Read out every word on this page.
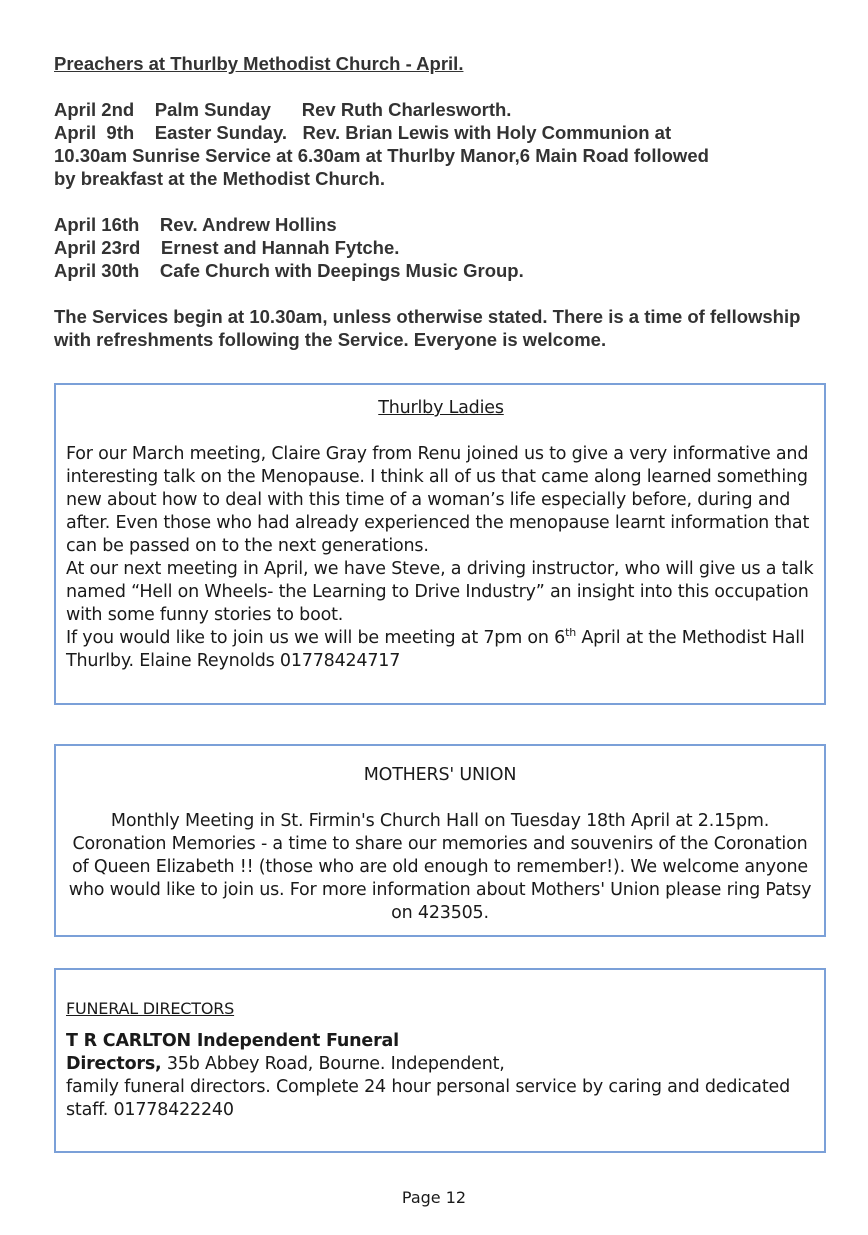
Preachers at Thurlby Methodist Church - April.
April 2nd    Palm Sunday      Rev Ruth Charlesworth.
April  9th    Easter Sunday.   Rev. Brian Lewis with Holy Communion at
10.30am Sunrise Service at 6.30am at Thurlby Manor,6 Main Road followed
by breakfast at the Methodist Church.
April 16th    Rev. Andrew Hollins
April 23rd    Ernest and Hannah Fytche.
April 30th    Cafe Church with Deepings Music Group.
The Services begin at 10.30am, unless otherwise stated. There is a time of fellowship with refreshments following the Service. Everyone is welcome.
Thurlby Ladies

For our March meeting, Claire Gray from Renu joined us to give a very informative and interesting talk on the Menopause. I think all of us that came along learned something new about how to deal with this time of a woman’s life especially before, during and after. Even those who had already experienced the menopause learnt information that can be passed on to the next generations.

At our next meeting in April, we have Steve, a driving instructor, who will give us a talk named “Hell on Wheels- the Learning to Drive Industry” an insight into this occupation with some funny stories to boot.

If you would like to join us we will be meeting at 7pm on 6th April at the Methodist Hall Thurlby. Elaine Reynolds 01778424717

MOTHERS' UNION

Monthly Meeting in St. Firmin's Church Hall on Tuesday 18th April at 2.15pm. Coronation Memories - a time to share our memories and souvenirs of the Coronation of Queen Elizabeth !! (those who are old enough to remember!). We welcome anyone who would like to join us. For more information about Mothers' Union please ring Patsy on 423505.

FUNERAL DIRECTORS

T R CARLTON Independent Funeral

Directors, 35b Abbey Road, Bourne. Independent,

family funeral directors. Complete 24 hour personal service by caring and dedicated staff. 01778422240

Page 12
